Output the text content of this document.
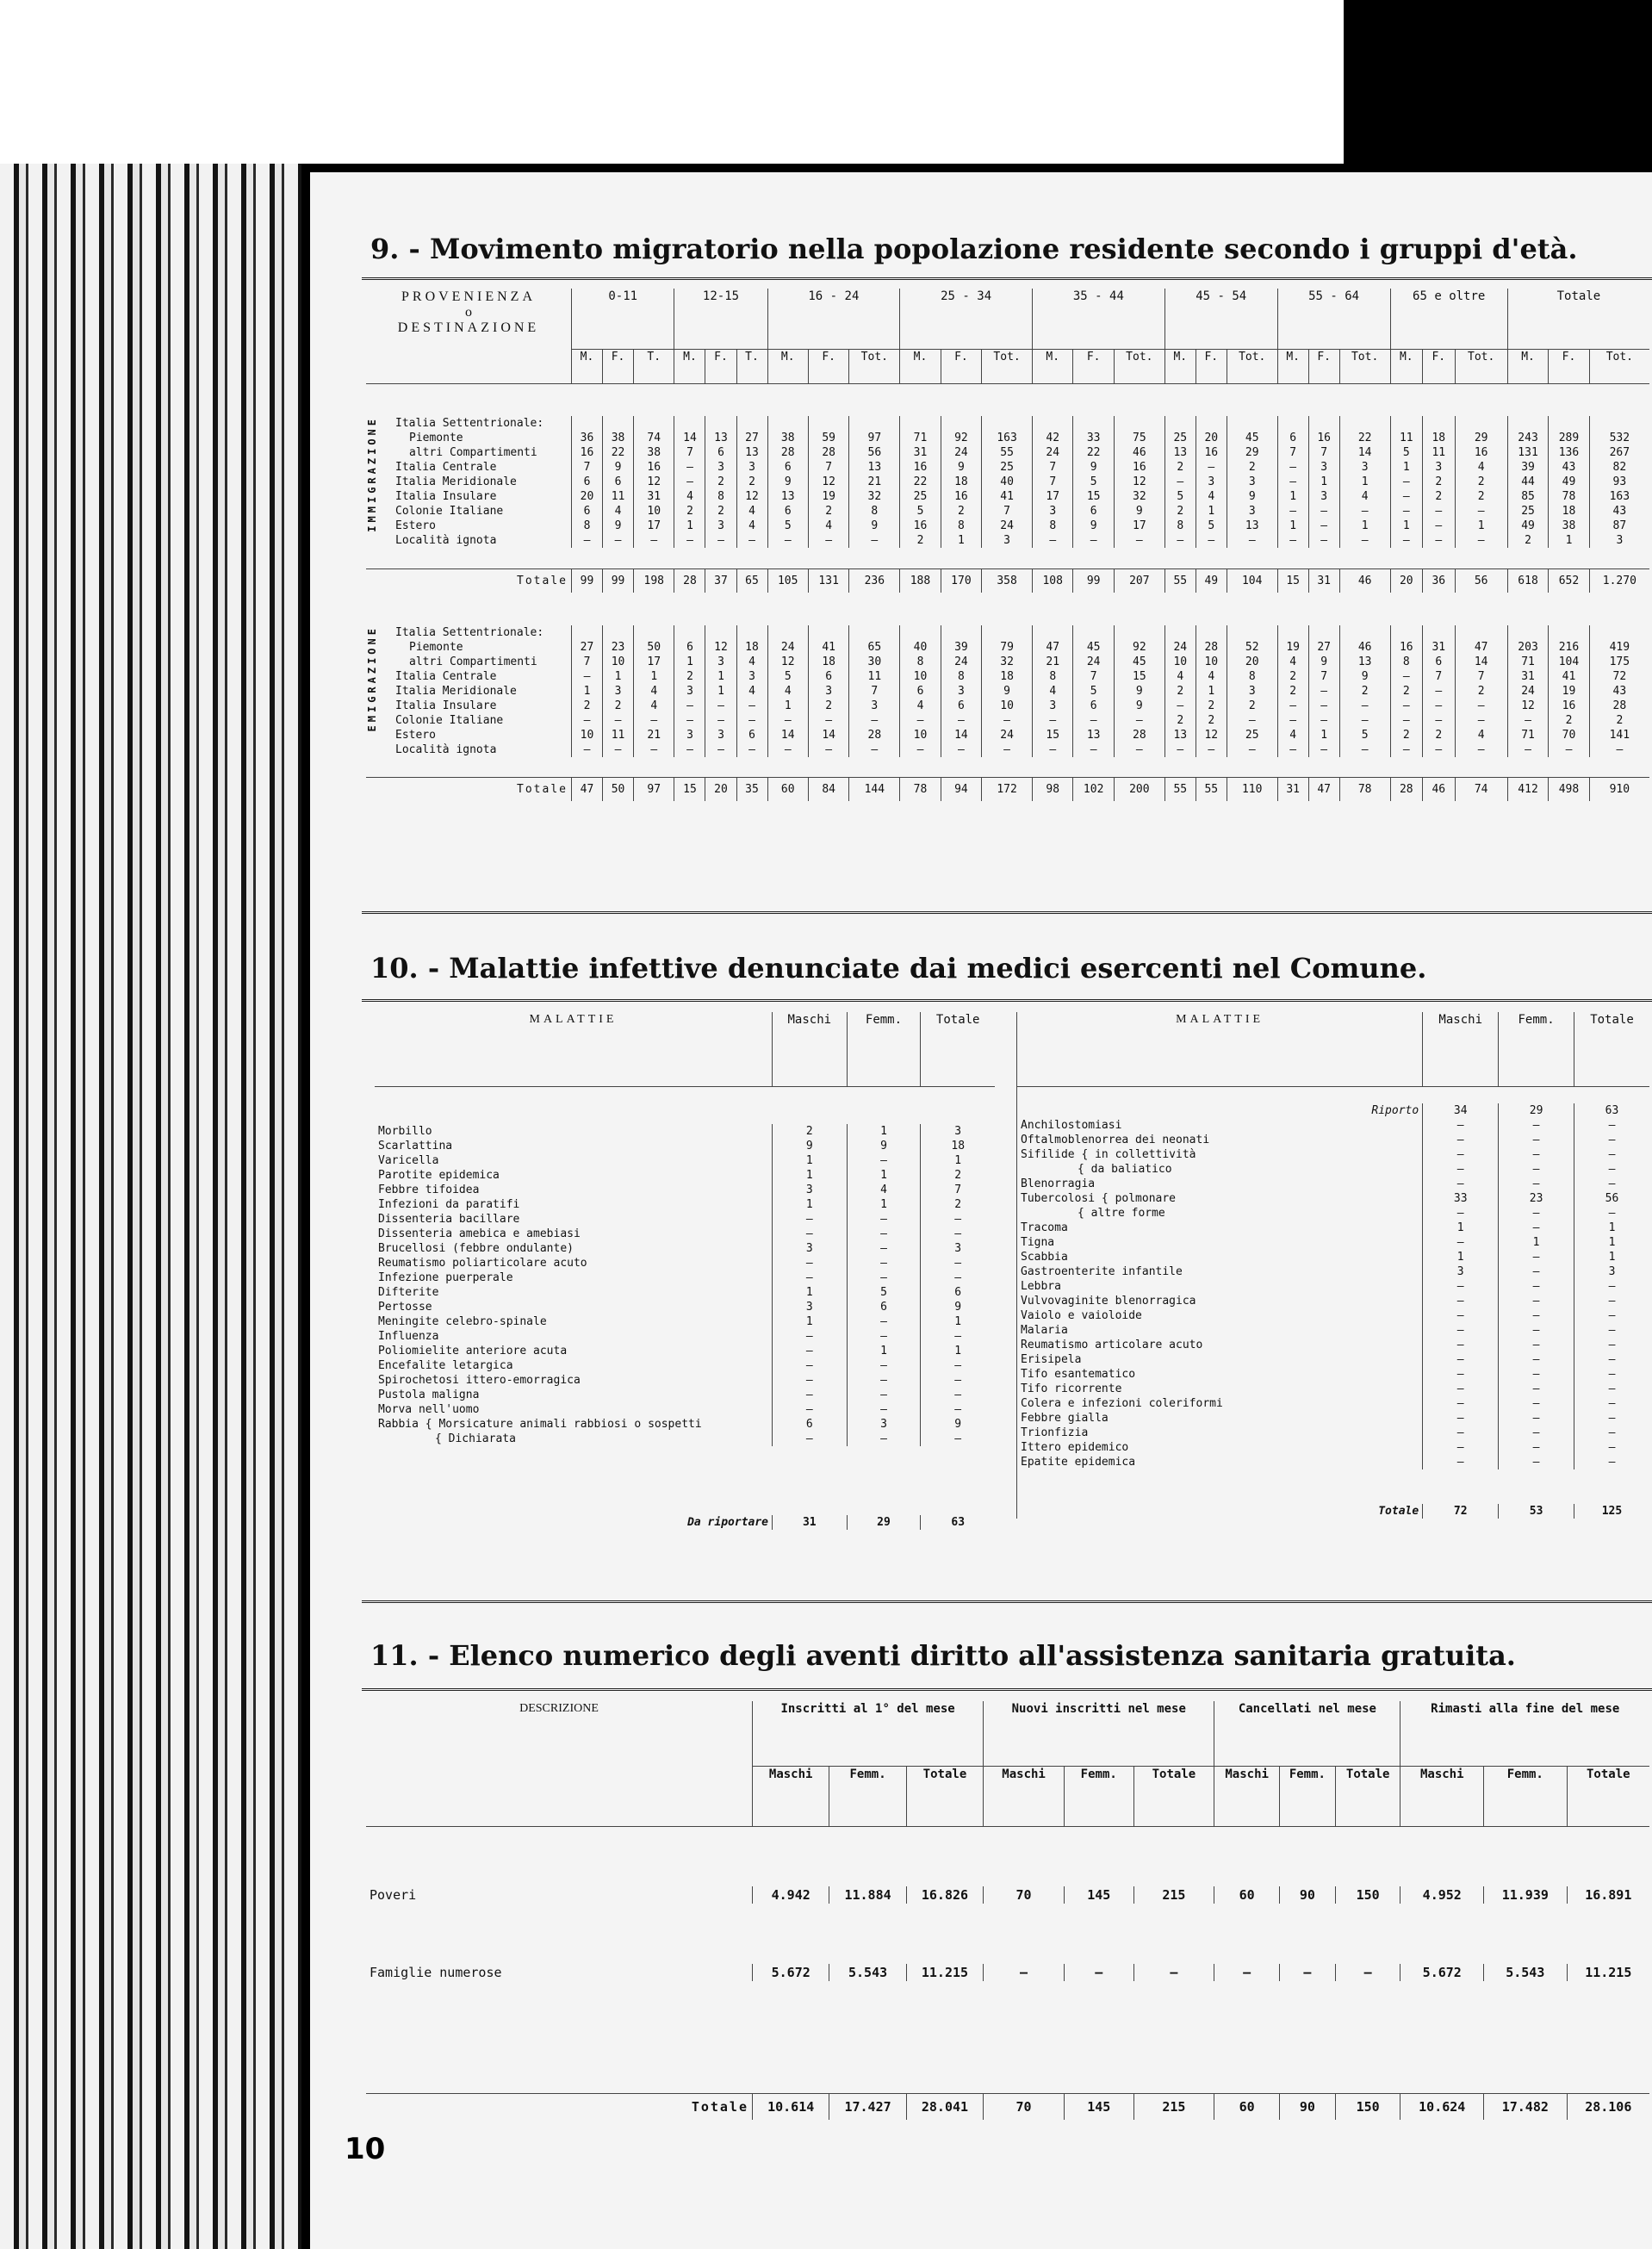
9. - Movimento migratorio nella popolazione residente secondo i gruppi d'età.
PROVENIENZA
o
DESTINAZIONE	0-11			12-15			16 - 24			25 - 34			35 - 44			45 - 54			55 - 64			65 e oltre			Totale		
	M.	F.	T.	M.	F.	T.	M.	F.	Tot.	M.	F.	Tot.	M.	F.	Tot.	M.	F.	Tot.	M.	F.	Tot.	M.	F.	Tot.	M.	F.	Tot.

IMMIGRAZIONE Italia Settentrionale:																											
Piemonte	36	38	74	14	13	27	38	59	97	71	92	163	42	33	75	25	20	45	6	16	22	11	18	29	243	289	532
altri Compartimenti	16	22	38	7	6	13	28	28	56	31	24	55	24	22	46	13	16	29	7	7	14	5	11	16	131	136	267
Italia Centrale	7	9	16	—	3	3	6	7	13	16	9	25	7	9	16	2	—	2	—	3	3	1	3	4	39	43	82
Italia Meridionale	6	6	12	—	2	2	9	12	21	22	18	40	7	5	12	—	3	3	—	1	1	—	2	2	44	49	93
Italia Insulare	20	11	31	4	8	12	13	19	32	25	16	41	17	15	32	5	4	9	1	3	4	—	2	2	85	78	163
Colonie Italiane	6	4	10	2	2	4	6	2	8	5	2	7	3	6	9	2	1	3	—	—	—	—	—	—	25	18	43
Estero	8	9	17	1	3	4	5	4	9	16	8	24	8	9	17	8	5	13	1	—	1	1	—	1	49	38	87
Località ignota	—	—	—	—	—	—	—	—	—	2	1	3	—	—	—	—	—	—	—	—	—	—	—	—	2	1	3

Totale	99	99	198	28	37	65	105	131	236	188	170	358	108	99	207	55	49	104	15	31	46	20	36	56	618	652	1.270

EMIGRAZIONE Italia Settentrionale:																											
Piemonte	27	23	50	6	12	18	24	41	65	40	39	79	47	45	92	24	28	52	19	27	46	16	31	47	203	216	419
altri Compartimenti	7	10	17	1	3	4	12	18	30	8	24	32	21	24	45	10	10	20	4	9	13	8	6	14	71	104	175
Italia Centrale	—	1	1	2	1	3	5	6	11	10	8	18	8	7	15	4	4	8	2	7	9	—	7	7	31	41	72
Italia Meridionale	1	3	4	3	1	4	4	3	7	6	3	9	4	5	9	2	1	3	2	—	2	2	—	2	24	19	43
Italia Insulare	2	2	4	—	—	—	1	2	3	4	6	10	3	6	9	—	2	2	—	—	—	—	—	—	12	16	28
Colonie Italiane	—	—	—	—	—	—	—	—	—	—	—	—	—	—	—	2	2	—	—	—	—	—	—	—	—	2	2
Estero	10	11	21	3	3	6	14	14	28	10	14	24	15	13	28	13	12	25	4	1	5	2	2	4	71	70	141
Località ignota	—	—	—	—	—	—	—	—	—	—	—	—	—	—	—	—	—	—	—	—	—	—	—	—	—	—	—

Totale	47	50	97	15	20	35	60	84	144	78	94	172	98	102	200	55	55	110	31	47	78	28	46	74	412	498	910
10. - Malattie infettive denunciate dai medici esercenti nel Comune.
MALATTIE	Maschi	Femm.	Totale

Morbillo	2	1	3
Scarlattina	9	9	18
Varicella	1	—	1
Parotite epidemica	1	1	2
Febbre tifoidea	3	4	7
Infezioni da paratifi	1	1	2
Dissenteria bacillare	—	—	—
Dissenteria amebica e amebiasi	—	—	—
Brucellosi (febbre ondulante)	3	—	3
Reumatismo poliarticolare acuto	—	—	—
Infezione puerperale	—	—	—
Difterite	1	5	6
Pertosse	3	6	9
Meningite celebro-spinale	1	—	1
Influenza	—	—	—
Poliomielite anteriore acuta	—	1	1
Encefalite letargica	—	—	—
Spirochetosi ittero-emorragica	—	—	—
Pustola maligna	—	—	—
Morva nell'uomo	—	—	—
Rabbia { Morsicature animali rabbiosi o sospetti	6	3	9
{ Dichiarata	—	—	—

Da riportare	31	29	63
MALATTIE	Maschi	Femm.	Totale

Riporto	34	29	63
Anchilostomiasi	—	—	—
Oftalmoblenorrea dei neonati	—	—	—
Sifilide { in collettività	—	—	—
{ da baliatico	—	—	—
Blenorragia	—	—	—
Tubercolosi { polmonare	33	23	56
{ altre forme	—	—	—
Tracoma	1	—	1
Tigna	—	1	1
Scabbia	1	—	1
Gastroenterite infantile	3	—	3
Lebbra	—	—	—
Vulvovaginite blenorragica	—	—	—
Vaiolo e vaioloide	—	—	—
Malaria	—	—	—
Reumatismo articolare acuto	—	—	—
Erisipela	—	—	—
Tifo esantematico	—	—	—
Tifo ricorrente	—	—	—
Colera e infezioni coleriformi	—	—	—
Febbre gialla	—	—	—
Trionfizia	—	—	—
Ittero epidemico	—	—	—
Epatite epidemica	—	—	—

Totale	72	53	125
11. - Elenco numerico degli aventi diritto all'assistenza sanitaria gratuita.
DESCRIZIONE	Inscritti al 1° del mese			Nuovi inscritti nel mese			Cancellati nel mese			Rimasti alla fine del mese		
	Maschi	Femm.	Totale	Maschi	Femm.	Totale	Maschi	Femm.	Totale	Maschi	Femm.	Totale

Poveri	4.942	11.884	16.826	70	145	215	60	90	150	4.952	11.939	16.891

Famiglie numerose	5.672	5.543	11.215	—	—	—	—	—	—	5.672	5.543	11.215

Totale	10.614	17.427	28.041	70	145	215	60	90	150	10.624	17.482	28.106
10
